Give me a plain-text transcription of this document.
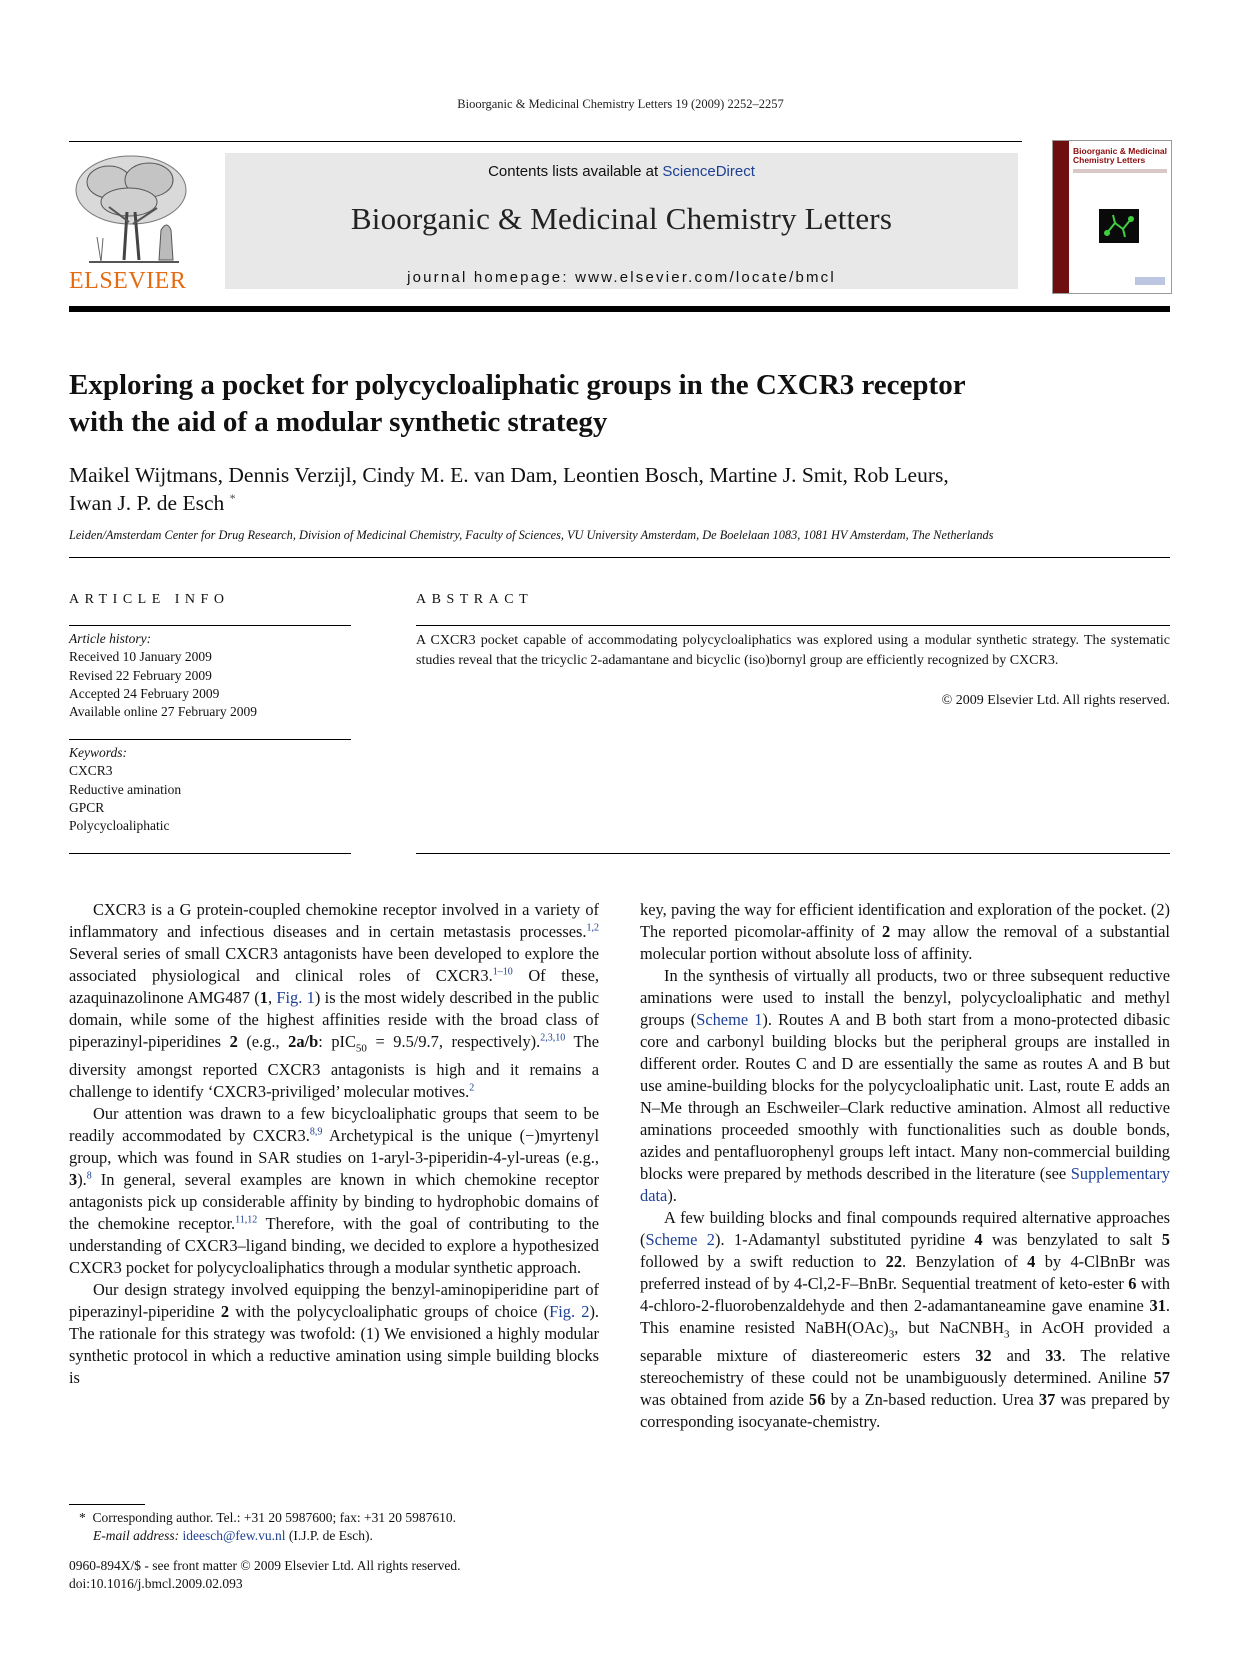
Bioorganic & Medicinal Chemistry Letters 19 (2009) 2252–2257
ELSEVIER
Contents lists available at ScienceDirect
Bioorganic & Medicinal Chemistry Letters
journal homepage: www.elsevier.com/locate/bmcl
Bioorganic & Medicinal Chemistry Letters
Exploring a pocket for polycycloaliphatic groups in the CXCR3 receptor
with the aid of a modular synthetic strategy
Maikel Wijtmans, Dennis Verzijl, Cindy M. E. van Dam, Leontien Bosch, Martine J. Smit, Rob Leurs,
Iwan J. P. de Esch *
Leiden/Amsterdam Center for Drug Research, Division of Medicinal Chemistry, Faculty of Sciences, VU University Amsterdam, De Boelelaan 1083, 1081 HV Amsterdam, The Netherlands
ARTICLE INFO
Article history:
Received 10 January 2009
Revised 22 February 2009
Accepted 24 February 2009
Available online 27 February 2009
Keywords:
CXCR3
Reductive amination
GPCR
Polycycloaliphatic
ABSTRACT
A CXCR3 pocket capable of accommodating polycycloaliphatics was explored using a modular synthetic strategy. The systematic studies reveal that the tricyclic 2-adamantane and bicyclic (iso)bornyl group are efficiently recognized by CXCR3.
© 2009 Elsevier Ltd. All rights reserved.

CXCR3 is a G protein-coupled chemokine receptor involved in a variety of inflammatory and infectious diseases and in certain metastasis processes.$^{1,2}$ Several series of small CXCR3 antagonists have been developed to explore the associated physiological and clinical roles of CXCR3.$^{1-10}$ Of these, azaquinazolinone AMG487 (1, Fig. 1) is the most widely described in the public domain, while some of the highest affinities reside with the broad class of piperazinyl-piperidines 2 (e.g., 2a/b: pIC$_{50}$ = 9.5/9.7, respectively).$^{2,3,10}$ The diversity amongst reported CXCR3 antagonists is high and it remains a challenge to identify ‘CXCR3-priviliged’ molecular motives.$^2$

Our attention was drawn to a few bicycloaliphatic groups that seem to be readily accommodated by CXCR3.$^{8,9}$ Archetypical is the unique (−)myrtenyl group, which was found in SAR studies on 1-aryl-3-piperidin-4-yl-ureas (e.g., 3).$^8$ In general, several examples are known in which chemokine receptor antagonists pick up considerable affinity by binding to hydrophobic domains of the chemokine receptor.$^{11,12}$ Therefore, with the goal of contributing to the understanding of CXCR3–ligand binding, we decided to explore a hypothesized CXCR3 pocket for polycycloaliphatics through a modular synthetic approach.

Our design strategy involved equipping the benzyl-aminopiperidine part of piperazinyl-piperidine 2 with the polycycloaliphatic groups of choice (Fig. 2). The rationale for this strategy was twofold: (1) We envisioned a highly modular synthetic protocol in which a reductive amination using simple building blocks is

key, paving the way for efficient identification and exploration of the pocket. (2) The reported picomolar-affinity of 2 may allow the removal of a substantial molecular portion without absolute loss of affinity.

In the synthesis of virtually all products, two or three subsequent reductive aminations were used to install the benzyl, polycycloaliphatic and methyl groups (Scheme 1). Routes A and B both start from a mono-protected dibasic core and carbonyl building blocks but the peripheral groups are installed in different order. Routes C and D are essentially the same as routes A and B but use amine-building blocks for the polycycloaliphatic unit. Last, route E adds an N–Me through an Eschweiler–Clark reductive amination. Almost all reductive aminations proceeded smoothly with functionalities such as double bonds, azides and pentafluorophenyl groups left intact. Many non-commercial building blocks were prepared by methods described in the literature (see Supplementary data).

A few building blocks and final compounds required alternative approaches (Scheme 2). 1-Adamantyl substituted pyridine 4 was benzylated to salt 5 followed by a swift reduction to 22. Benzylation of 4 by 4-ClBnBr was preferred instead of by 4-Cl,2-F–BnBr. Sequential treatment of keto-ester 6 with 4-chloro-2-fluorobenzaldehyde and then 2-adamantaneamine gave enamine 31. This enamine resisted $NaBH(OAc)_3$, but NaCNBH$_3$ in AcOH provided a separable mixture of diastereomeric esters 32 and 33. The relative stereochemistry of these could not be unambiguously determined. Aniline 57 was obtained from azide 56 by a Zn-based reduction. Urea 37 was prepared by corresponding isocyanate-chemistry.

* Corresponding author. Tel.: +31 20 5987600; fax: +31 20 5987610.
E-mail address: ideesch@few.vu.nl (I.J.P. de Esch).
0960-894X/$ - see front matter © 2009 Elsevier Ltd. All rights reserved.
doi:10.1016/j.bmcl.2009.02.093
